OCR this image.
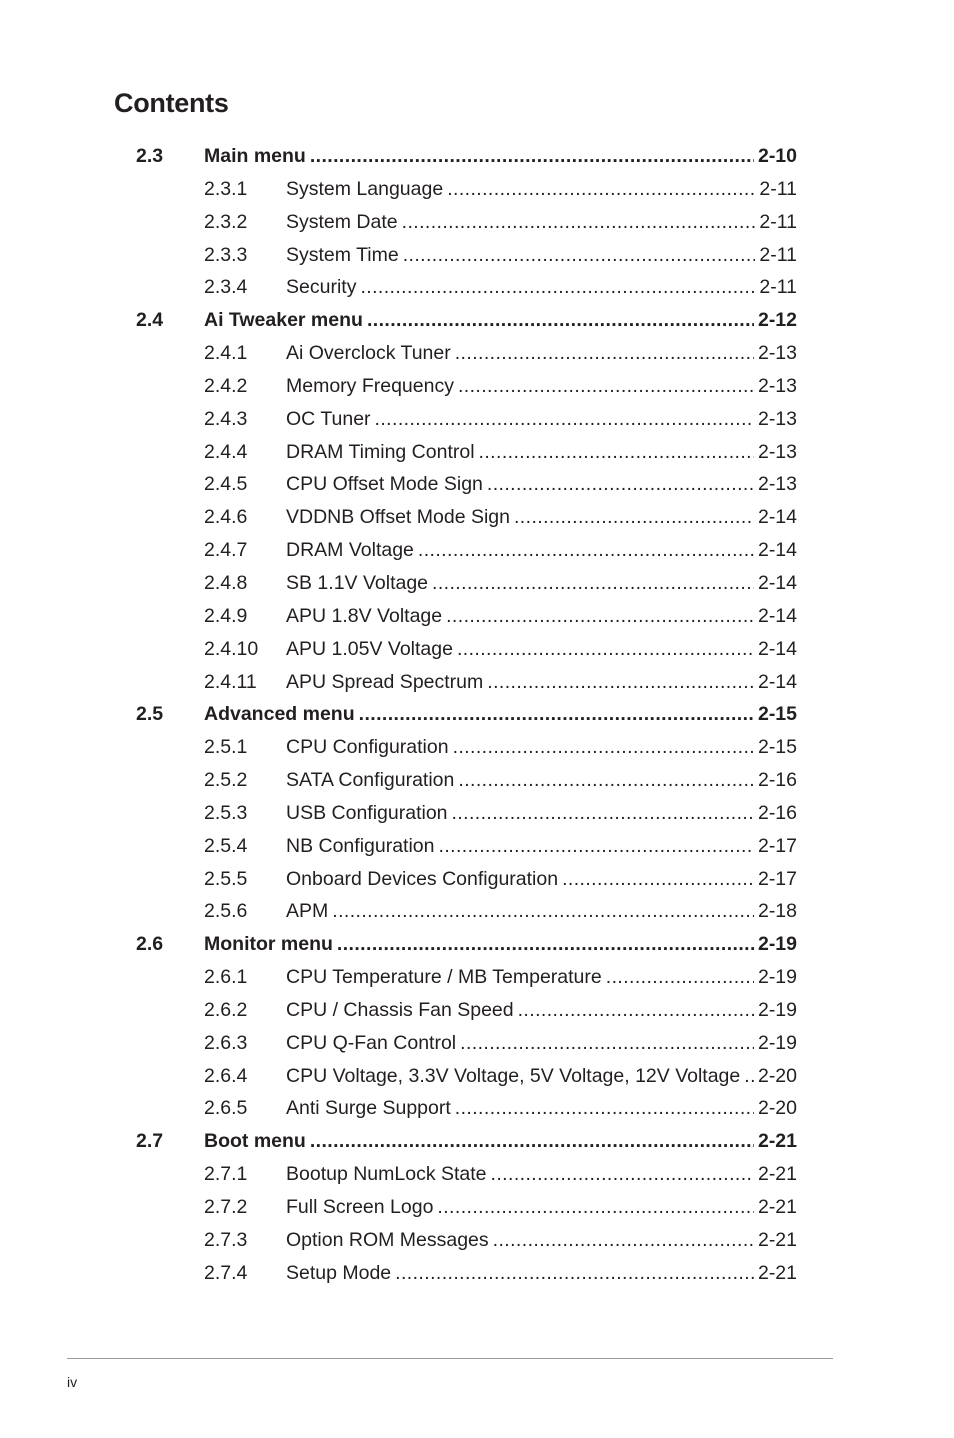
Contents
2.3 Main menu .....	2-10
2.3.1 System Language .....	2-11
2.3.2 System Date .....	2-11
2.3.3 System Time .....	2-11
2.3.4 Security .....	2-11
2.4 Ai Tweaker menu .....	2-12
2.4.1 Ai Overclock Tuner .....	2-13
2.4.2 Memory Frequency .....	2-13
2.4.3 OC Tuner .....	2-13
2.4.4 DRAM Timing Control .....	2-13
2.4.5 CPU Offset Mode Sign .....	2-13
2.4.6 VDDNB Offset Mode Sign .....	2-14
2.4.7 DRAM Voltage .....	2-14
2.4.8 SB 1.1V Voltage .....	2-14
2.4.9 APU 1.8V Voltage .....	2-14
2.4.10 APU 1.05V Voltage .....	2-14
2.4.11 APU Spread Spectrum .....	2-14
2.5 Advanced menu .....	2-15
2.5.1 CPU Configuration .....	2-15
2.5.2 SATA Configuration .....	2-16
2.5.3 USB Configuration .....	2-16
2.5.4 NB Configuration .....	2-17
2.5.5 Onboard Devices Configuration .....	2-17
2.5.6 APM .....	2-18
2.6 Monitor menu .....	2-19
2.6.1 CPU Temperature / MB Temperature .....	2-19
2.6.2 CPU / Chassis Fan Speed .....	2-19
2.6.3 CPU Q-Fan Control .....	2-19
2.6.4 CPU Voltage, 3.3V Voltage, 5V Voltage, 12V Voltage ..... 2-20
2.6.5 Anti Surge Support .....	2-20
2.7 Boot menu .....	2-21
2.7.1 Bootup NumLock State .....	2-21
2.7.2 Full Screen Logo .....	2-21
2.7.3 Option ROM Messages .....	2-21
2.7.4 Setup Mode .....	2-21
iv
